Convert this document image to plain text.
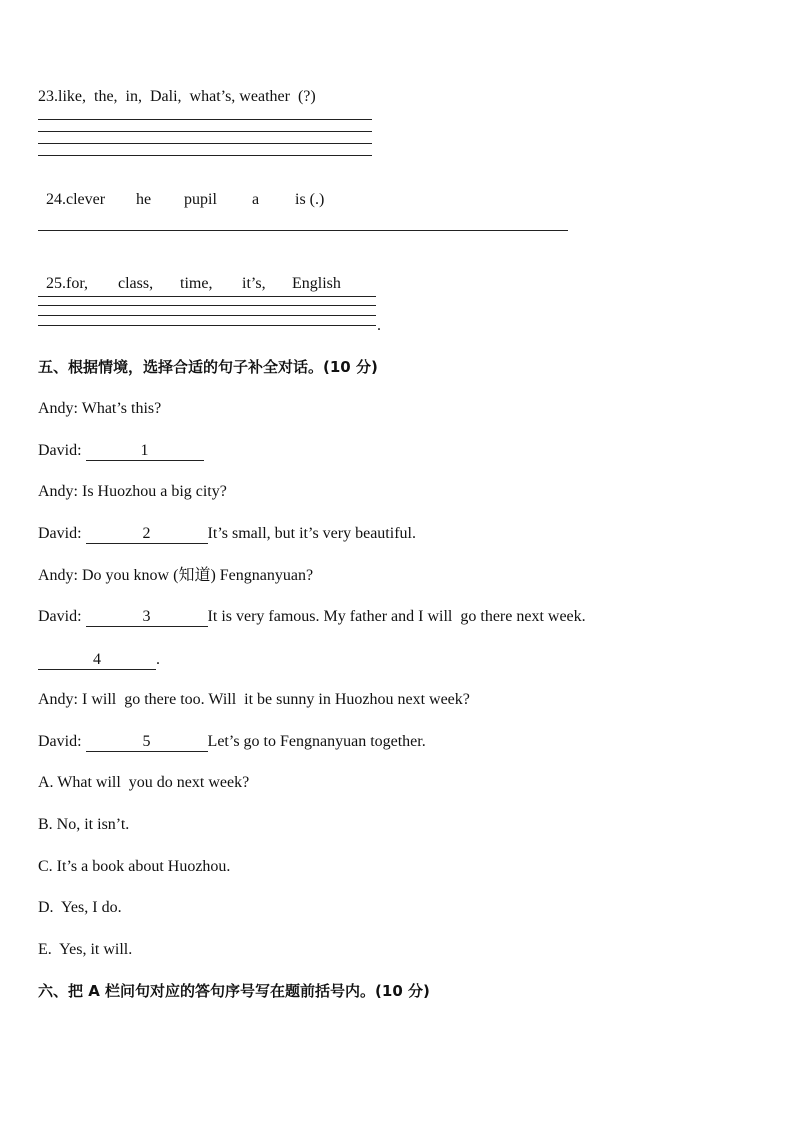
23.like,  the,  in,  Dali,  what’s, weather  (?)

24.clever he pupil a is (.)

25.for, class, time, it’s, English

.
五、根据情境，选择合适的句子补全对话。(10 分)
Andy: What’s this?
David:	1
Andy: Is Huozhou a big city?
David:	2	It’s small, but it’s very beautiful.
Andy: Do you know (知道) Fengnanyuan?
David:	3	It is very famous. My father and I will  go there next week.
4	.
Andy: I will  go there too. Will  it be sunny in Huozhou next week?
David:	5	Let’s go to Fengnanyuan together.
A. What will  you do next week?
B. No, it isn’t.
C. It’s a book about Huozhou.
D.  Yes, I do.
E.  Yes, it will.
六、把 A 栏问句对应的答句序号写在题前括号内。(10 分)
